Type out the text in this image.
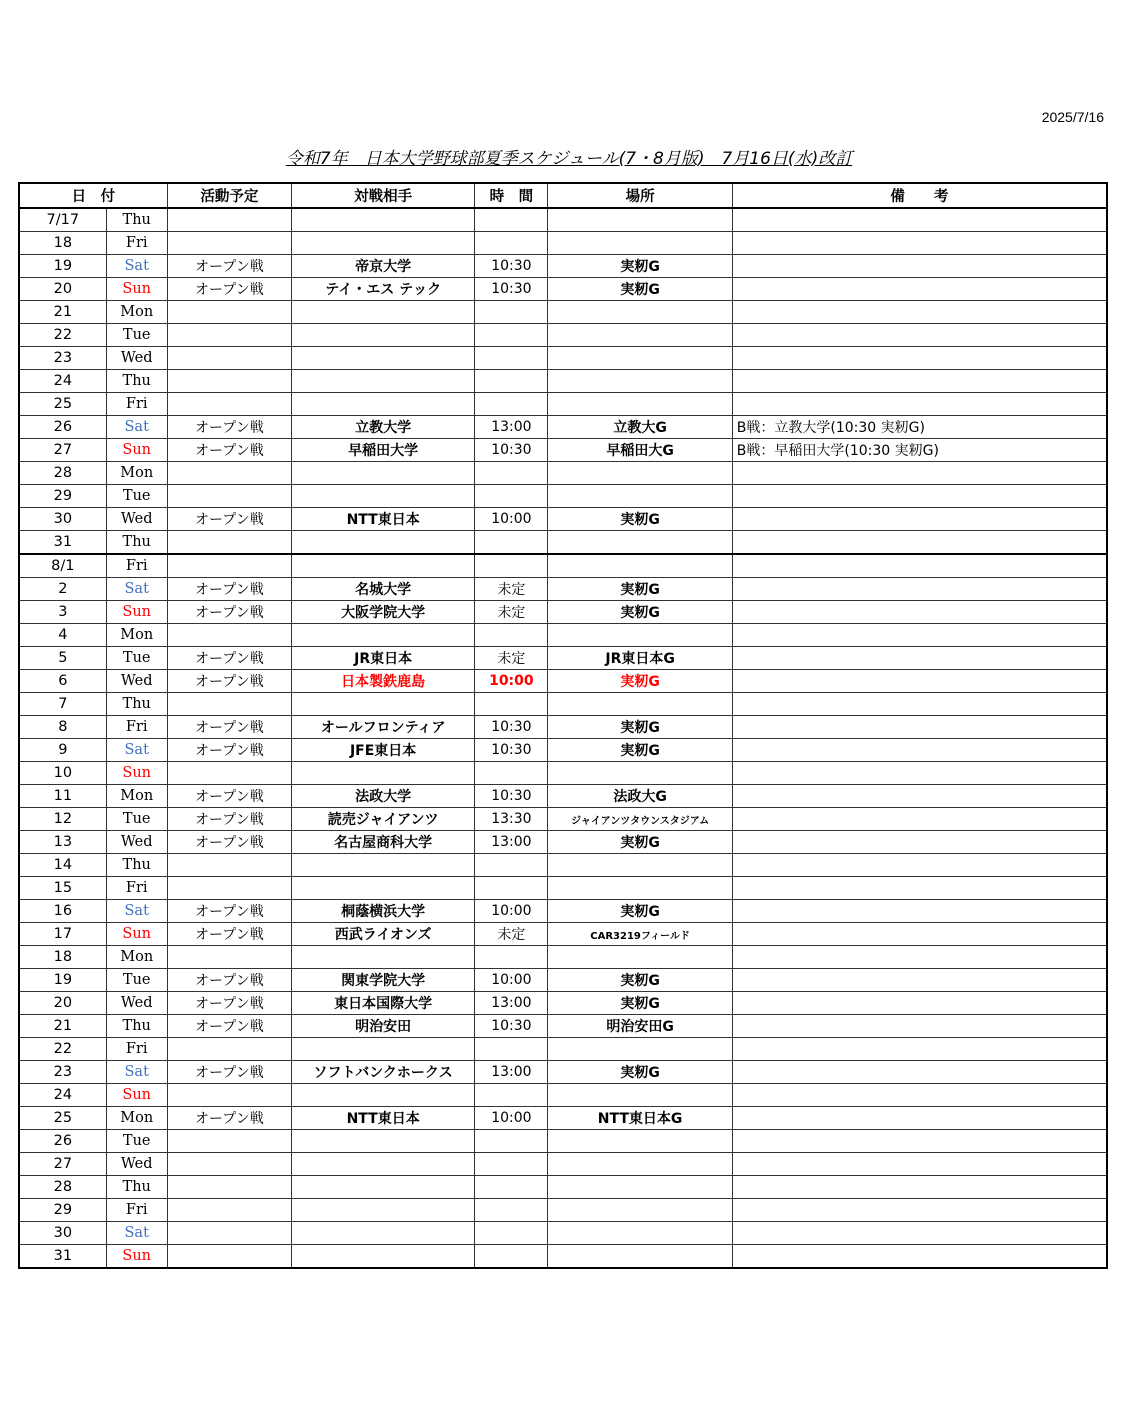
2025/7/16
令和7年　日本大学野球部夏季スケジュール(7・8月版)　7月16日(水)改訂
日　付		活動予定	対戦相手	時　間	場所	備　　考
7/17	Thu					
18	Fri					
19	Sat	オープン戦	帝京大学	10:30	実籾G	
20	Sun	オープン戦	テイ・エス テック	10:30	実籾G	
21	Mon					
22	Tue					
23	Wed					
24	Thu					
25	Fri					
26	Sat	オープン戦	立教大学	13:00	立教大G	B戦：立教大学(10:30 実籾G)
27	Sun	オープン戦	早稲田大学	10:30	早稲田大G	B戦：早稲田大学(10:30 実籾G)
28	Mon					
29	Tue					
30	Wed	オープン戦	NTT東日本	10:00	実籾G	
31	Thu					
8/1	Fri					
2	Sat	オープン戦	名城大学	未定	実籾G	
3	Sun	オープン戦	大阪学院大学	未定	実籾G	
4	Mon					
5	Tue	オープン戦	JR東日本	未定	JR東日本G	
6	Wed	オープン戦	日本製鉄鹿島	10:00	実籾G	
7	Thu					
8	Fri	オープン戦	オールフロンティア	10:30	実籾G	
9	Sat	オープン戦	JFE東日本	10:30	実籾G	
10	Sun					
11	Mon	オープン戦	法政大学	10:30	法政大G	
12	Tue	オープン戦	読売ジャイアンツ	13:30	ジャイアンツタウンスタジアム	
13	Wed	オープン戦	名古屋商科大学	13:00	実籾G	
14	Thu					
15	Fri					
16	Sat	オープン戦	桐蔭横浜大学	10:00	実籾G	
17	Sun	オープン戦	西武ライオンズ	未定	CAR3219フィールド	
18	Mon					
19	Tue	オープン戦	関東学院大学	10:00	実籾G	
20	Wed	オープン戦	東日本国際大学	13:00	実籾G	
21	Thu	オープン戦	明治安田	10:30	明治安田G	
22	Fri					
23	Sat	オープン戦	ソフトバンクホークス	13:00	実籾G	
24	Sun					
25	Mon	オープン戦	NTT東日本	10:00	NTT東日本G	
26	Tue					
27	Wed					
28	Thu					
29	Fri					
30	Sat					
31	Sun					
